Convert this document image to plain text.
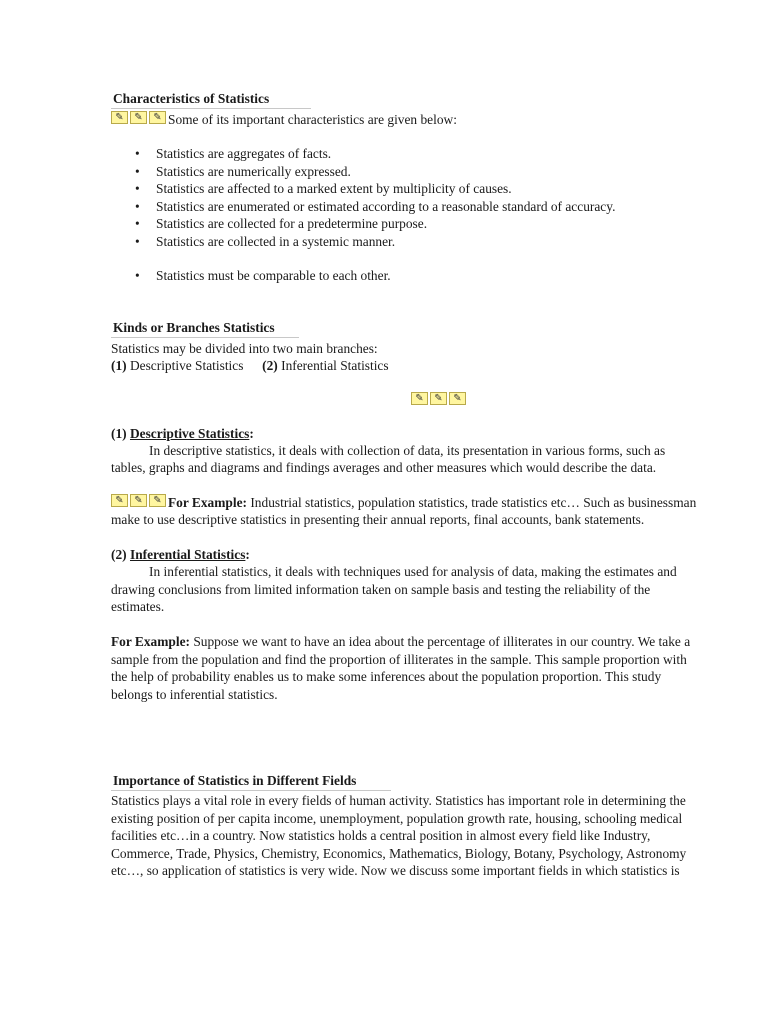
Characteristics of Statistics
✎	✎	✎ Some of its important characteristics are given below:
• Statistics are aggregates of facts.
• Statistics are numerically expressed.
• Statistics are affected to a marked extent by multiplicity of causes.
• Statistics are enumerated or estimated according to a reasonable standard of accuracy.
• Statistics are collected for a predetermine purpose.
• Statistics are collected in a systemic manner.
• Statistics must be comparable to each other.
Kinds or Branches Statistics
Statistics may be divided into two main branches:
(1) Descriptive Statistics (2) Inferential Statistics
✎	✎	✎
(1) Descriptive Statistics:
In descriptive statistics, it deals with collection of data, its presentation in various forms, such as
tables, graphs and diagrams and findings averages and other measures which would describe the data.
✎	✎	✎ For Example: Industrial statistics, population statistics, trade statistics etc… Such as businessman
make to use descriptive statistics in presenting their annual reports, final accounts, bank statements.
(2) Inferential Statistics:
In inferential statistics, it deals with techniques used for analysis of data, making the estimates and
drawing conclusions from limited information taken on sample basis and testing the reliability of the
estimates.
For Example: Suppose we want to have an idea about the percentage of illiterates in our country. We take a
sample from the population and find the proportion of illiterates in the sample. This sample proportion with
the help of probability enables us to make some inferences about the population proportion. This study
belongs to inferential statistics.
Importance of Statistics in Different Fields
Statistics plays a vital role in every fields of human activity. Statistics has important role in determining the
existing position of per capita income, unemployment, population growth rate, housing, schooling medical
facilities etc…in a country. Now statistics holds a central position in almost every field like Industry,
Commerce, Trade, Physics, Chemistry, Economics, Mathematics, Biology, Botany, Psychology, Astronomy
etc…, so application of statistics is very wide. Now we discuss some important fields in which statistics is
